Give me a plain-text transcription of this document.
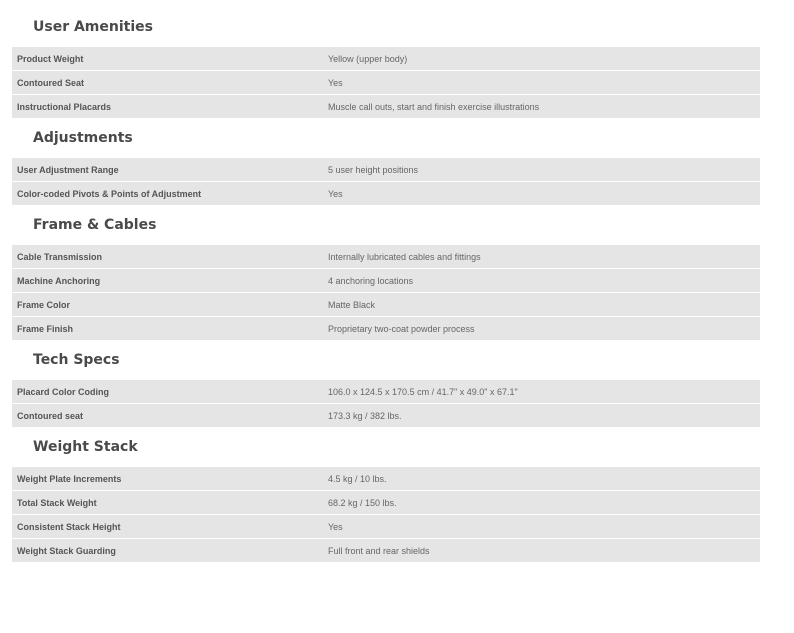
User Amenities
Product Weight	Yellow (upper body)
Contoured Seat	Yes
Instructional Placards	Muscle call outs, start and finish exercise illustrations
Adjustments
User Adjustment Range	5 user height positions
Color-coded Pivots & Points of Adjustment	Yes
Frame & Cables
Cable Transmission	Internally lubricated cables and fittings
Machine Anchoring	4 anchoring locations
Frame Color	Matte Black
Frame Finish	Proprietary two-coat powder process
Tech Specs
Placard Color Coding	106.0 x 124.5 x 170.5 cm / 41.7" x 49.0" x 67.1"
Contoured seat	173.3 kg / 382 lbs.
Weight Stack
Weight Plate Increments	4.5 kg / 10 lbs.
Total Stack Weight	68.2 kg / 150 lbs.
Consistent Stack Height	Yes
Weight Stack Guarding	Full front and rear shields
